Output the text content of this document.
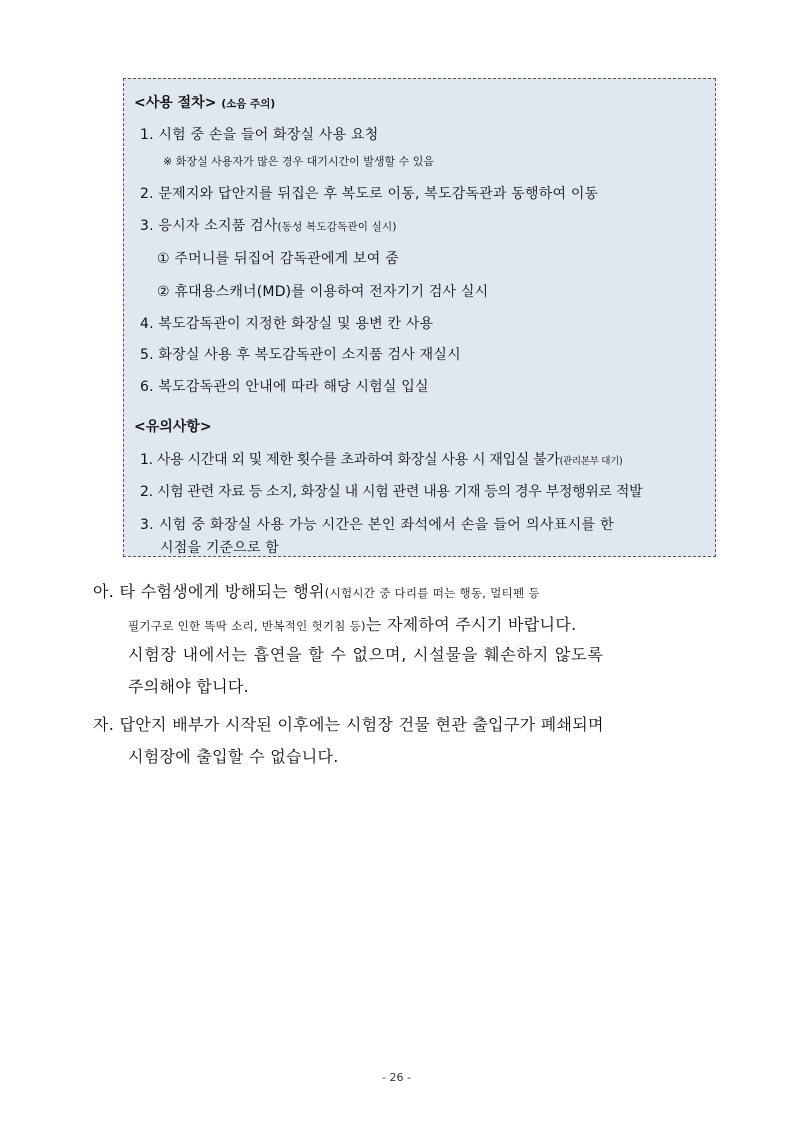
<사용 절차> (소음 주의)
1. 시험 중 손을 들어 화장실 사용 요청
※ 화장실 사용자가 많은 경우 대기시간이 발생할 수 있음
2. 문제지와 답안지를 뒤집은 후 복도로 이동, 복도감독관과 동행하여 이동
3. 응시자 소지품 검사(동성 복도감독관이 실시)
① 주머니를 뒤집어 감독관에게 보여 줌
② 휴대용스캐너(MD)를 이용하여 전자기기 검사 실시
4. 복도감독관이 지정한 화장실 및 용변 칸 사용
5. 화장실 사용 후 복도감독관이 소지품 검사 재실시
6. 복도감독관의 안내에 따라 해당 시험실 입실
<유의사항>
1. 사용 시간대 외 및 제한 횟수를 초과하여 화장실 사용 시 재입실 불가(관리본부 대기)
2. 시험 관련 자료 등 소지, 화장실 내 시험 관련 내용 기재 등의 경우 부정행위로 적발
3. 시험 중 화장실 사용 가능 시간은 본인 좌석에서 손을 들어 의사표시를 한
시점을 기준으로 함
아. 타 수험생에게 방해되는 행위(시험시간 중 다리를 떠는 행동, 멀티펜 등
필기구로 인한 똑딱 소리, 반복적인 헛기침 등)는 자제하여 주시기 바랍니다.
시험장 내에서는 흡연을 할 수 없으며, 시설물을 훼손하지 않도록
주의해야 합니다.
자. 답안지 배부가 시작된 이후에는 시험장 건물 현관 출입구가 폐쇄되며
시험장에 출입할 수 없습니다.
- 26 -
